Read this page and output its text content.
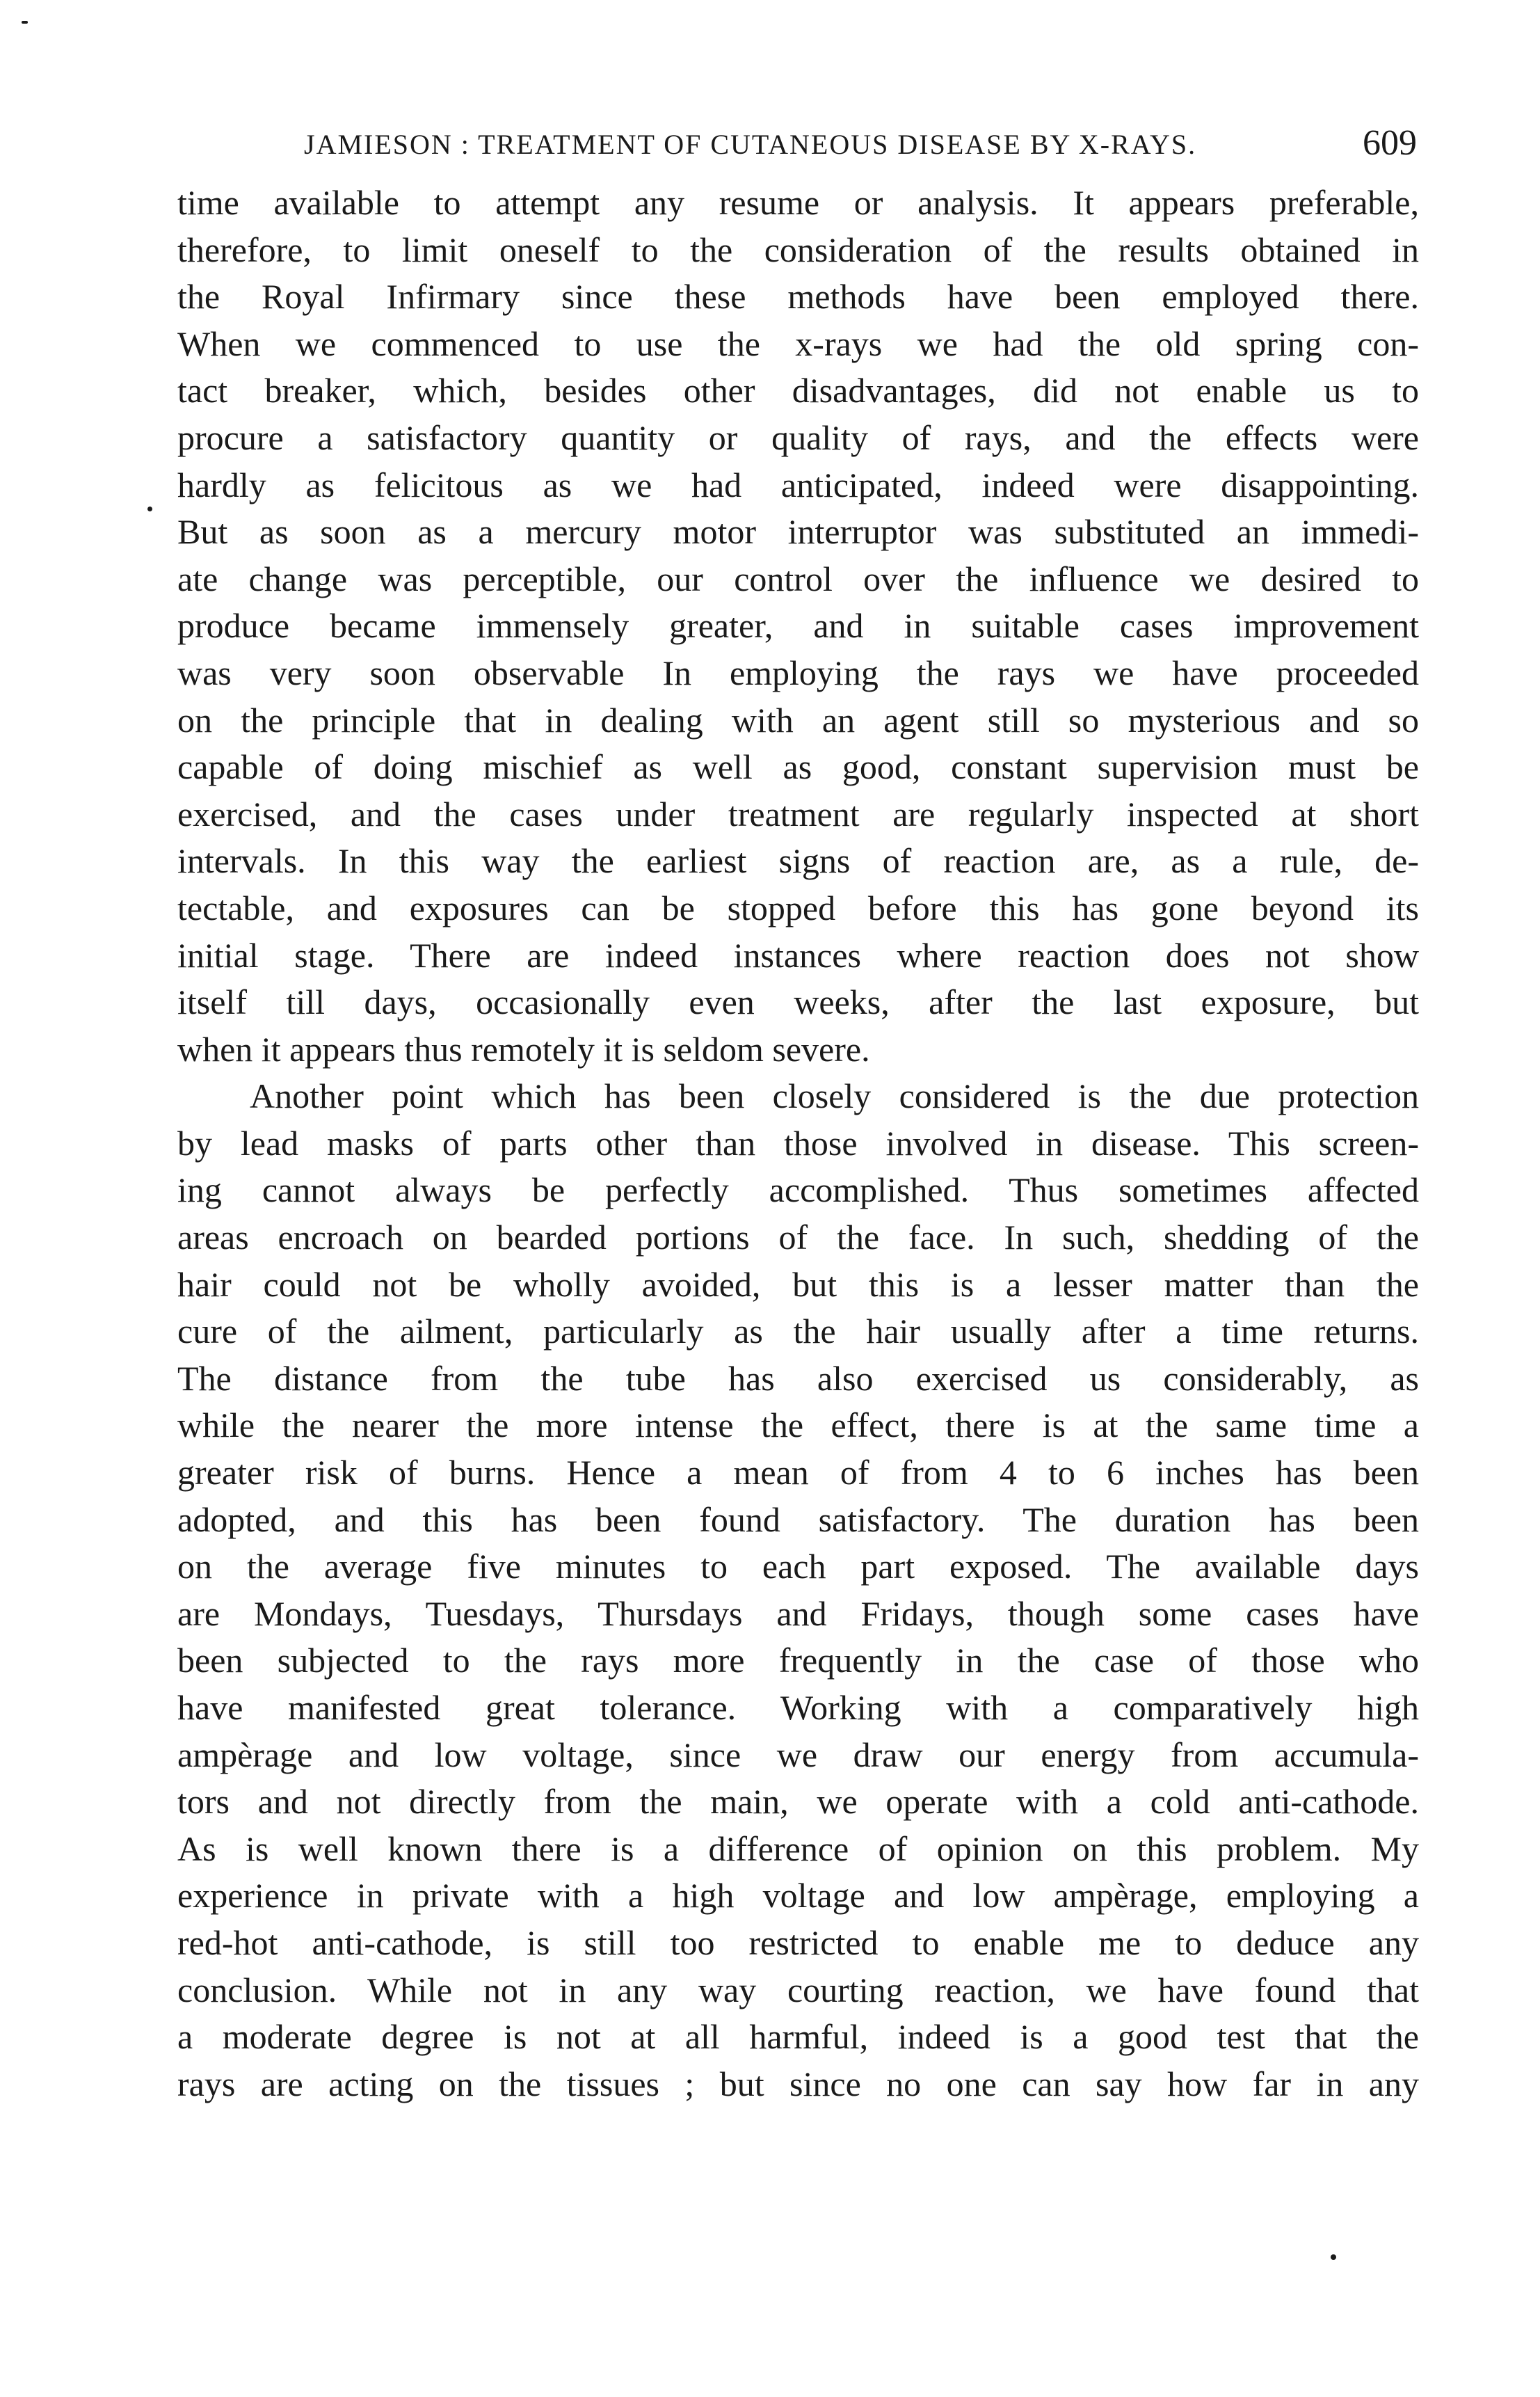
JAMIESON : TREATMENT OF CUTANEOUS DISEASE BY X-RAYS.	609
time available to attempt any resume or analysis. It appears preferable,
therefore, to limit oneself to the consideration of the results obtained in
the Royal Infirmary since these methods have been employed there.
When we commenced to use the x-rays we had the old spring con-
tact breaker, which, besides other disadvantages, did not enable us to
procure a satisfactory quantity or quality of rays, and the effects were
hardly as felicitous as we had anticipated, indeed were disappointing.
But as soon as a mercury motor interruptor was substituted an immedi-
ate change was perceptible, our control over the influence we desired to
produce became immensely greater, and in suitable cases improvement
was very soon observable In employing the rays we have proceeded
on the principle that in dealing with an agent still so mysterious and so
capable of doing mischief as well as good, constant supervision must be
exercised, and the cases under treatment are regularly inspected at short
intervals. In this way the earliest signs of reaction are, as a rule, de-
tectable, and exposures can be stopped before this has gone beyond its
initial stage. There are indeed instances where reaction does not show
itself till days, occasionally even weeks, after the last exposure, but
when it appears thus remotely it is seldom severe.
Another point which has been closely considered is the due protection
by lead masks of parts other than those involved in disease. This screen-
ing cannot always be perfectly accomplished. Thus sometimes affected
areas encroach on bearded portions of the face. In such, shedding of the
hair could not be wholly avoided, but this is a lesser matter than the
cure of the ailment, particularly as the hair usually after a time returns.
The distance from the tube has also exercised us considerably, as
while the nearer the more intense the effect, there is at the same time a
greater risk of burns. Hence a mean of from 4 to 6 inches has been
adopted, and this has been found satisfactory. The duration has been
on the average five minutes to each part exposed. The available days
are Mondays, Tuesdays, Thursdays and Fridays, though some cases have
been subjected to the rays more frequently in the case of those who
have manifested great tolerance. Working with a comparatively high
ampèrage and low voltage, since we draw our energy from accumula-
tors and not directly from the main, we operate with a cold anti-cathode.
As is well known there is a difference of opinion on this problem. My
experience in private with a high voltage and low ampèrage, employing a
red-hot anti-cathode, is still too restricted to enable me to deduce any
conclusion. While not in any way courting reaction, we have found that
a moderate degree is not at all harmful, indeed is a good test that the
rays are acting on the tissues ; but since no one can say how far in any
